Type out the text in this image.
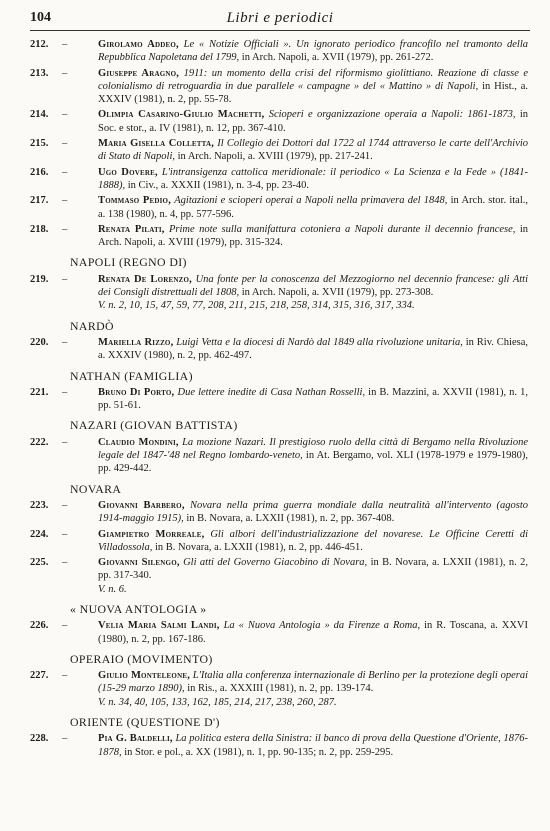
104	Libri e periodici
212.	–	Girolamo Addeo, Le « Notizie Officiali ». Un ignorato periodico francofilo nel tramonto della Repubblica Napoletana del 1799, in Arch. Napoli, a. XVII (1979), pp. 261-272.
213.	–	Giuseppe Aragno, 1911: un momento della crisi del riformismo giolittiano. Reazione di classe e colonialismo di retroguardia in due parallele « campagne » del « Mattino » di Napoli, in Hist., a. XXXIV (1981), n. 2, pp. 55-78.
214.	–	Olimpia Casarino-Giulio Machetti, Scioperi e organizzazione operaia a Napoli: 1861-1873, in Soc. e stor., a. IV (1981), n. 12, pp. 367-410.
215.	–	Maria Gisella Colletta, Il Collegio dei Dottori dal 1722 al 1744 attraverso le carte dell'Archivio di Stato di Napoli, in Arch. Napoli, a. XVIII (1979), pp. 217-241.
216.	–	Ugo Dovere, L'intransigenza cattolica meridionale: il periodico « La Scienza e la Fede » (1841-1888), in Civ., a. XXXII (1981), n. 3-4, pp. 23-40.
217.	–	Tommaso Pedio, Agitazioni e scioperi operai a Napoli nella primavera del 1848, in Arch. stor. ital., a. 138 (1980), n. 4, pp. 577-596.
218.	–	Renata Pilati, Prime note sulla manifattura cotoniera a Napoli durante il decennio francese, in Arch. Napoli, a. XVIII (1979), pp. 315-324.
NAPOLI (REGNO DI)
219.	–	Renata De Lorenzo, Una fonte per la conoscenza del Mezzogiorno nel decennio francese: gli Atti dei Consigli distrettuali del 1808, in Arch. Napoli, a. XVII (1979), pp. 273-308.
V. n. 2, 10, 15, 47, 59, 77, 208, 211, 215, 218, 258, 314, 315, 316, 317, 334.
NARDÒ
220.	–	Mariella Rizzo, Luigi Vetta e la diocesi di Nardò dal 1849 alla rivoluzione unitaria, in Riv. Chiesa, a. XXXIV (1980), n. 2, pp. 462-497.
NATHAN (FAMIGLIA)
221.	–	Bruno Di Porto, Due lettere inedite di Casa Nathan Rosselli, in B. Mazzini, a. XXVII (1981), n. 1, pp. 51-61.
NAZARI (GIOVAN BATTISTA)
222.	–	Claudio Mondini, La mozione Nazari. Il prestigioso ruolo della città di Bergamo nella Rivoluzione legale del 1847-'48 nel Regno lombardo-veneto, in At. Bergamo, vol. XLI (1978-1979 e 1979-1980), pp. 429-442.
NOVARA
223.	–	Giovanni Barbero, Novara nella prima guerra mondiale dalla neutralità all'intervento (agosto 1914-maggio 1915), in B. Novara, a. LXXII (1981), n. 2, pp. 367-408.
224.	–	Giampietro Morreale, Gli albori dell'industrializzazione del novarese. Le Officine Ceretti di Villadossola, in B. Novara, a. LXXII (1981), n. 2, pp. 446-451.
225.	–	Giovanni Silengo, Gli atti del Governo Giacobino di Novara, in B. Novara, a. LXXII (1981), n. 2, pp. 317-340.
V. n. 6.
« NUOVA ANTOLOGIA »
226.	–	Velia Maria Salmi Landi, La « Nuova Antologia » da Firenze a Roma, in R. Toscana, a. XXVI (1980), n. 2, pp. 167-186.
OPERAIO (MOVIMENTO)
227.	–	Giulio Monteleone, L'Italia alla conferenza internazionale di Berlino per la protezione degli operai (15-29 marzo 1890), in Ris., a. XXXIII (1981), n. 2, pp. 139-174.
V. n. 34, 40, 105, 133, 162, 185, 214, 217, 238, 260, 287.
ORIENTE (QUESTIONE D')
228.	–	Pia G. Baldelli, La politica estera della Sinistra: il banco di prova della Questione d'Oriente, 1876-1878, in Stor. e pol., a. XX (1981), n. 1, pp. 90-135; n. 2, pp. 259-295.
